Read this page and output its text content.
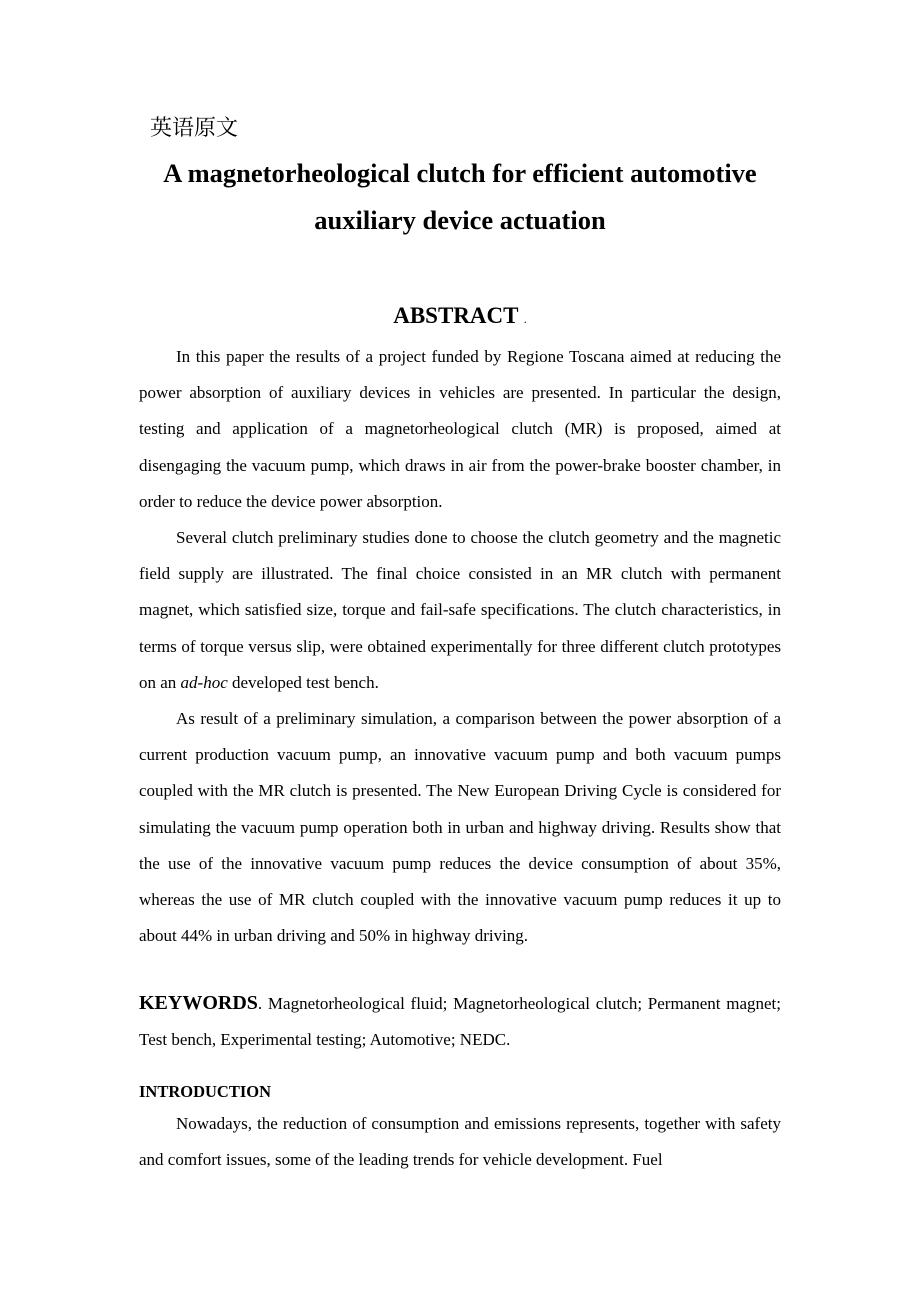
英语原文
A magnetorheological clutch for efficient automotive
auxiliary device actuation
ABSTRACT .

In this paper the results of a project funded by Regione Toscana aimed at reducing the power absorption of auxiliary devices in vehicles are presented. In particular the design, testing and application of a magnetorheological clutch (MR) is proposed, aimed at disengaging the vacuum pump, which draws in air from the power-brake booster chamber, in order to reduce the device power absorption.

Several clutch preliminary studies done to choose the clutch geometry and the magnetic field supply are illustrated. The final choice consisted in an MR clutch with permanent magnet, which satisfied size, torque and fail-safe specifications. The clutch characteristics, in terms of torque versus slip, were obtained experimentally for three different clutch prototypes on an ad-hoc developed test bench.

As result of a preliminary simulation, a comparison between the power absorption of a current production vacuum pump, an innovative vacuum pump and both vacuum pumps coupled with the MR clutch is presented. The New European Driving Cycle is considered for simulating the vacuum pump operation both in urban and highway driving. Results show that the use of the innovative vacuum pump reduces the device consumption of about 35%, whereas the use of MR clutch coupled with the innovative vacuum pump reduces it up to about 44% in urban driving and 50% in highway driving.

KEYWORDS. Magnetorheological fluid; Magnetorheological clutch; Permanent magnet; Test bench, Experimental testing; Automotive; NEDC.
INTRODUCTION

Nowadays, the reduction of consumption and emissions represents, together with safety and comfort issues, some of the leading trends for vehicle development. Fuel
